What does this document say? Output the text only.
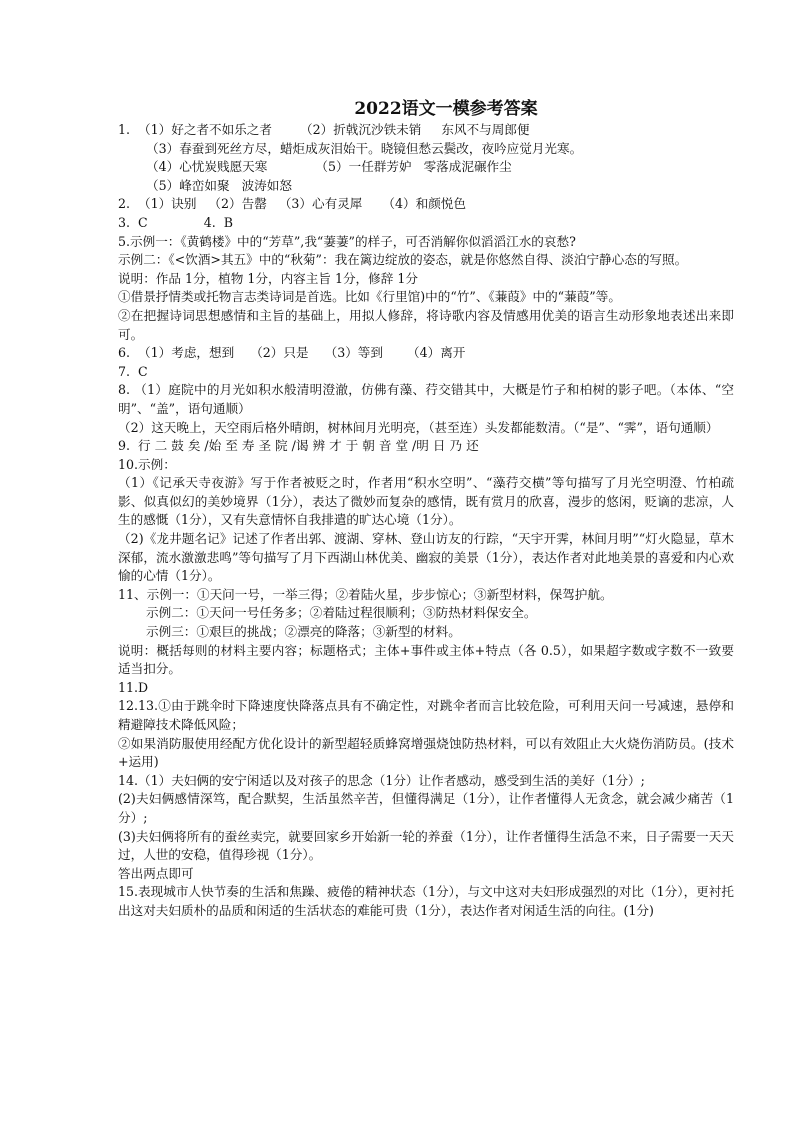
2022语文一模参考答案
1.  （1）好之者不如乐之者       （2）折戟沉沙铁未销     东风不与周郎便
（3）春蚕到死丝方尽，蜡炬成灰泪始干。晓镜但愁云鬓改，夜吟应觉月光寒。
（4）心忧炭贱愿天寒            （5）一任群芳妒   零落成泥碾作尘
（5）峰峦如聚   波涛如怒
2.  （1）诀别   （2）告罄   （3）心有灵犀     （4）和颜悦色
3.  C              4.  B
5.示例一：《黄鹤楼》中的“芳草”,我“萋萋”的样子，可否消解你似滔滔江水的哀愁?
示例二：《<饮酒>其五》中的“秋菊”：我在篱边绽放的姿态，就是你悠然自得、淡泊宁静心态的写照。
说明：作品 1分，植物 1分，内容主旨 1分，修辞 1分
①借景抒情类或托物言志类诗词是首选。比如《行里馆)中的“竹”、《蒹葭》中的“蒹葭”等。
②在把握诗词思想感情和主旨的基础上，用拟人修辞，将诗歌内容及情感用优美的语言生动形象地表述出来即可。
6.  （1）考虑，想到    （2）只是    （3）等到      （4）离开
7.  C
8. （1）庭院中的月光如积水般清明澄澈，仿佛有藻、荇交错其中，大概是竹子和柏树的影子吧。（本体、“空明”、“盖”，语句通顺）
（2）这天晚上，天空雨后格外晴朗，树林间月光明亮，（甚至连）头发都能数清。（“是”、“霁”，语句通顺）
9.  行 二 鼓 矣 /始 至 寿 圣 院 /谒 辨 才 于 朝 音 堂 /明 日 乃 还
10.示例：
（1）《记承天寺夜游》写于作者被贬之时，作者用“积水空明”、“藻荇交横”等句描写了月光空明澄、竹柏疏影、似真似幻的美妙境界（1分），表达了微妙而复杂的感情，既有赏月的欣喜，漫步的悠闲，贬谪的悲凉，人生的感慨（1分），又有失意情怀自我排遣的旷达心境（1分）。
（2)《龙井题名记》记述了作者出郭、渡湖、穿林、登山访友的行踪，“天宇开霁，林间月明”“灯火隐显，草木深郁，流水激激悲鸣”等句描写了月下西湖山林优美、幽寂的美景（1分），表达作者对此地美景的喜爱和内心欢愉的心情（1分）。
11、示例一：①天问一号，一举三得；②着陆火星，步步惊心；③新型材料，保驾护航。
示例二：①天问一号任务多；②着陆过程很顺利；③防热材料保安全。
示例三：①艰巨的挑战；②漂亮的降落；③新型的材料。
说明：概括每则的材料主要内容；标题格式；主体+事件或主体+特点（各 0.5），如果超字数或字数不一致要适当扣分。
11.D
12.13.①由于跳伞时下降速度快降落点具有不确定性，对跳伞者而言比较危险，可利用天问一号减速，悬停和精避障技术降低风险；
②如果消防服使用经配方优化设计的新型超轻质蜂窝增强烧蚀防热材料，可以有效阻止大火烧伤消防员。(技术+运用)
14.（1）夫妇俩的安宁闲适以及对孩子的思念（1分）让作者感动，感受到生活的美好（1分）;
(2)夫妇俩感情深笃，配合默契，生活虽然辛苦，但懂得满足（1分），让作者懂得人无贪念，就会减少痛苦（1分）;
(3)夫妇俩将所有的蚕丝卖完，就要回家乡开始新一轮的养蚕（1分），让作者懂得生活急不来，日子需要一天天过，人世的安稳，值得珍视（1分）。
答出两点即可
15.表现城市人快节奏的生活和焦躁、疲倦的精神状态（1分），与文中这对夫妇形成强烈的对比（1分），更衬托出这对夫妇质朴的品质和闲适的生活状态的难能可贵（1分），表达作者对闲适生活的向往。(1分)
